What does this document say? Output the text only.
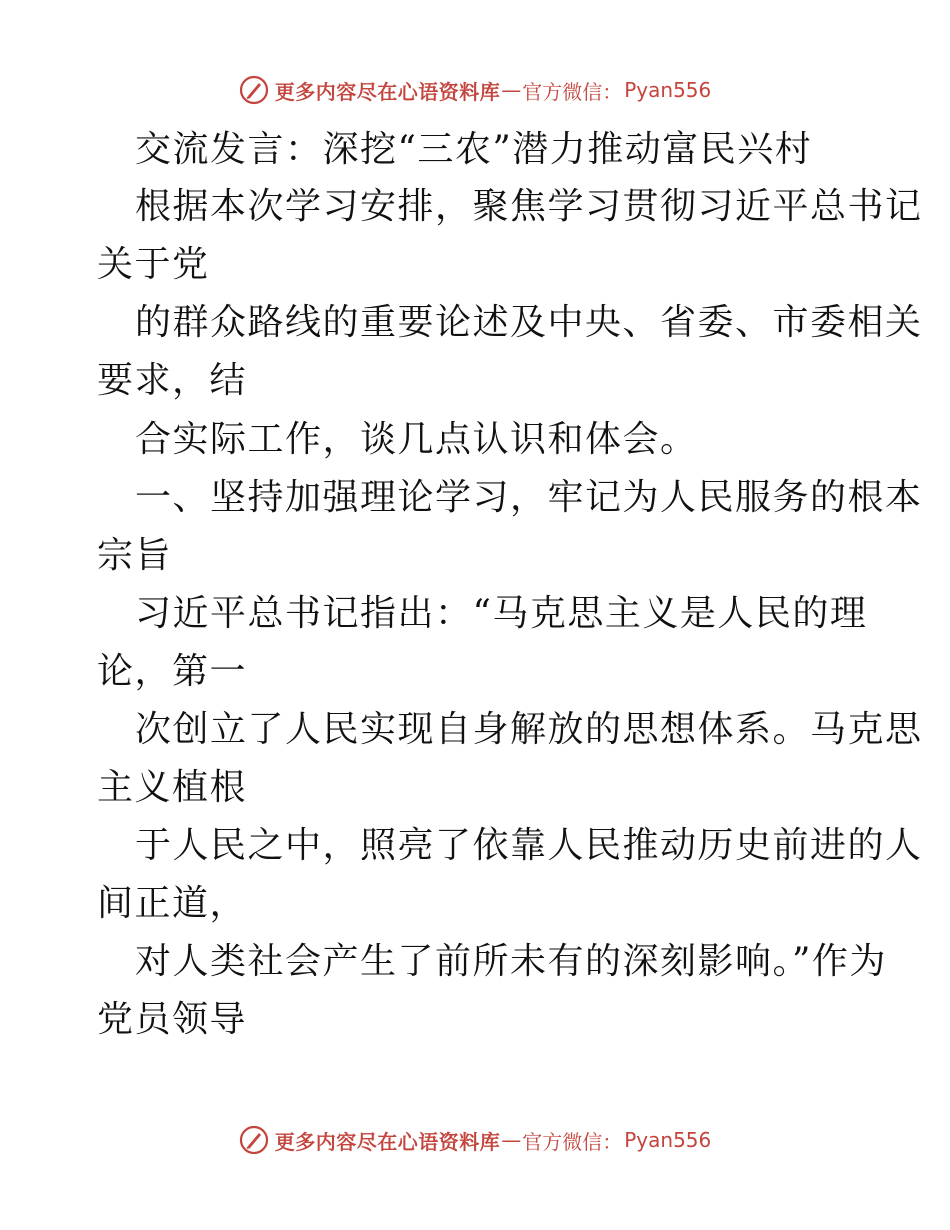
更多内容尽在心语资料库 — 官方微信： Pyan556
交流发言：深挖“三农”潜力推动富民兴村
根据本次学习安排，聚焦学习贯彻习近平总书记
关于党
的群众路线的重要论述及中央、省委、市委相关
要求，结
合实际工作，谈几点认识和体会。
一、坚持加强理论学习，牢记为人民服务的根本
宗旨
习近平总书记指出：“马克思主义是人民的理
论，第一
次创立了人民实现自身解放的思想体系。马克思
主义植根
于人民之中，照亮了依靠人民推动历史前进的人
间正道，
对人类社会产生了前所未有的深刻影响。”作为
党员领导
更多内容尽在心语资料库 — 官方微信： Pyan556
